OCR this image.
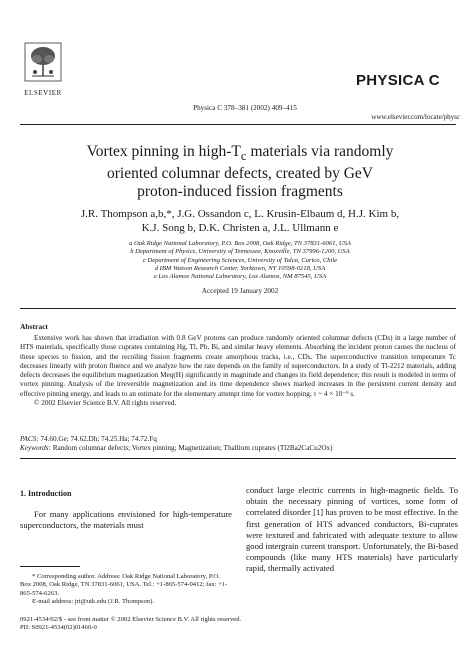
ELSEVIER
Physica C 378–381 (2002) 409–415
PHYSICA C
www.elsevier.com/locate/physc
Vortex pinning in high-$T_c$ materials via randomly
oriented columnar defects, created by GeV
proton-induced fission fragments
J.R. Thompson a,b,*, J.G. Ossandon c, L. Krusin-Elbaum d, H.J. Kim b,
K.J. Song b, D.K. Christen a, J.L. Ullmann e
a Oak Ridge National Laboratory, P.O. Box 2008, Oak Ridge, TN 37831-6061, USA
b Department of Physics, University of Tennessee, Knoxville, TN 37996-1200, USA
c Department of Engineering Sciences, University of Talca, Curico, Chile
d IBM Watson Research Center, Yorktown, NY 10598-0218, USA
e Los Alamos National Laboratory, Los Alamos, NM 87545, USA
Accepted 19 January 2002
Abstract

Extensive work has shown that irradiation with 0.8 GeV protons can produce randomly oriented columnar defects (CDs) in a large number of HTS materials, specifically those cuprates containing Hg, Tl, Pb, Bi, and similar heavy elements. Absorbing the incident proton causes the nucleus of these species to fission, and the recoiling fission fragments create amorphous tracks, i.e., CDs. The superconductive transition temperature Tc decreases linearly with proton fluence and we analyze how the rate depends on the family of superconductors. In a study of Tl-2212 materials, adding defects decreases the equilibrium magnetization Meq(H) significantly in magnitude and changes its field dependence; this result is modeled in terms of vortex pinning. Analysis of the irreversible magnetization and its time dependence shows marked increases in the persistent current density and effective pinning energy, and leads to an estimate for the elementary attempt time for vortex hopping, τ ~ 4 × 10⁻⁹ s.

© 2002 Elsevier Science B.V. All rights reserved.

PACS: 74.60.Ge; 74.62.Dh; 74.25.Ha; 74.72.Fq
Keywords: Random columnar defects; Vortex pinning; Magnetization; Thallium cuprates (Tl2Ba2CaCu2Ox)
1. Introduction
For many applications envisioned for high-temperature superconductors, the materials must
conduct large electric currents in high-magnetic fields. To obtain the necessary pinning of vortices, some form of correlated disorder [1] has proven to be most effective. In the first generation of HTS advanced conductors, Bi-cuprates were textured and fabricated with adequate texture to allow good intergrain current transport. Unfortunately, the Bi-based compounds (like many HTS materials) have particularly rapid, thermally activated

* Corresponding author. Address: Oak Ridge National Laboratory, P.O. Box 2008, Oak Ridge, TN 37831-6061, USA. Tel.: +1-865-574-0412; fax: +1-865-574-6263.

E-mail address: jrt@utk.edu (J.R. Thompson).

0921-4534/02/$ - see front matter © 2002 Elsevier Science B.V. All rights reserved.

PII: S0921-4534(02)01460-0
